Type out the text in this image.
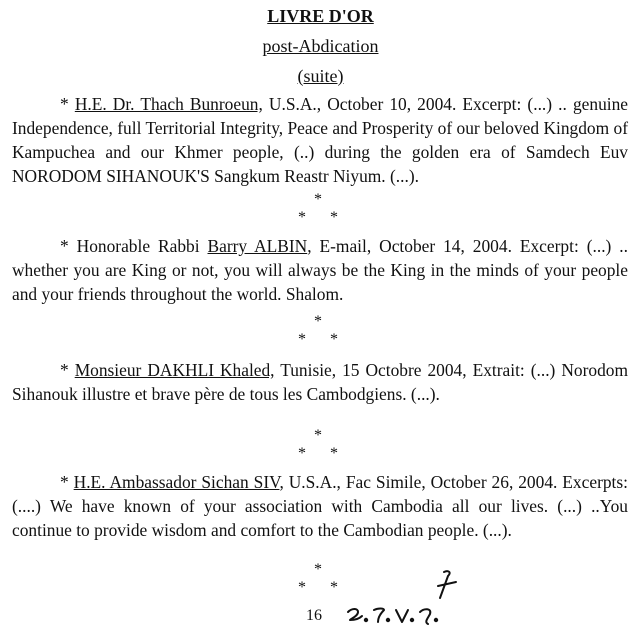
LIVRE D'OR
post-Abdication
(suite)
* H.E. Dr. Thach Bunroeun, U.S.A., October 10, 2004. Excerpt: (...) .. genuine Independence, full Territorial Integrity, Peace and Prosperity of our beloved Kingdom of Kampuchea and our Khmer people, (..) during the golden era of Samdech Euv NORODOM SIHANOUK'S Sangkum Reastr Niyum. (...).
*
* *
* Honorable Rabbi Barry ALBIN, E-mail, October 14, 2004. Excerpt: (...) .. whether you are King or not, you will always be the King in the minds of your people and your friends throughout the world. Shalom.
*
* *
* Monsieur DAKHLI Khaled, Tunisie, 15 Octobre 2004, Extrait: (...) Norodom Sihanouk illustre et brave père de tous les Cambodgiens. (...).
*
* *
* H.E. Ambassador Sichan SIV, U.S.A., Fac Simile, October 26, 2004. Excerpts: (....) We have known of your association with Cambodia all our lives. (...) ..You continue to provide wisdom and comfort to the Cambodian people. (...).
*
* *
16
